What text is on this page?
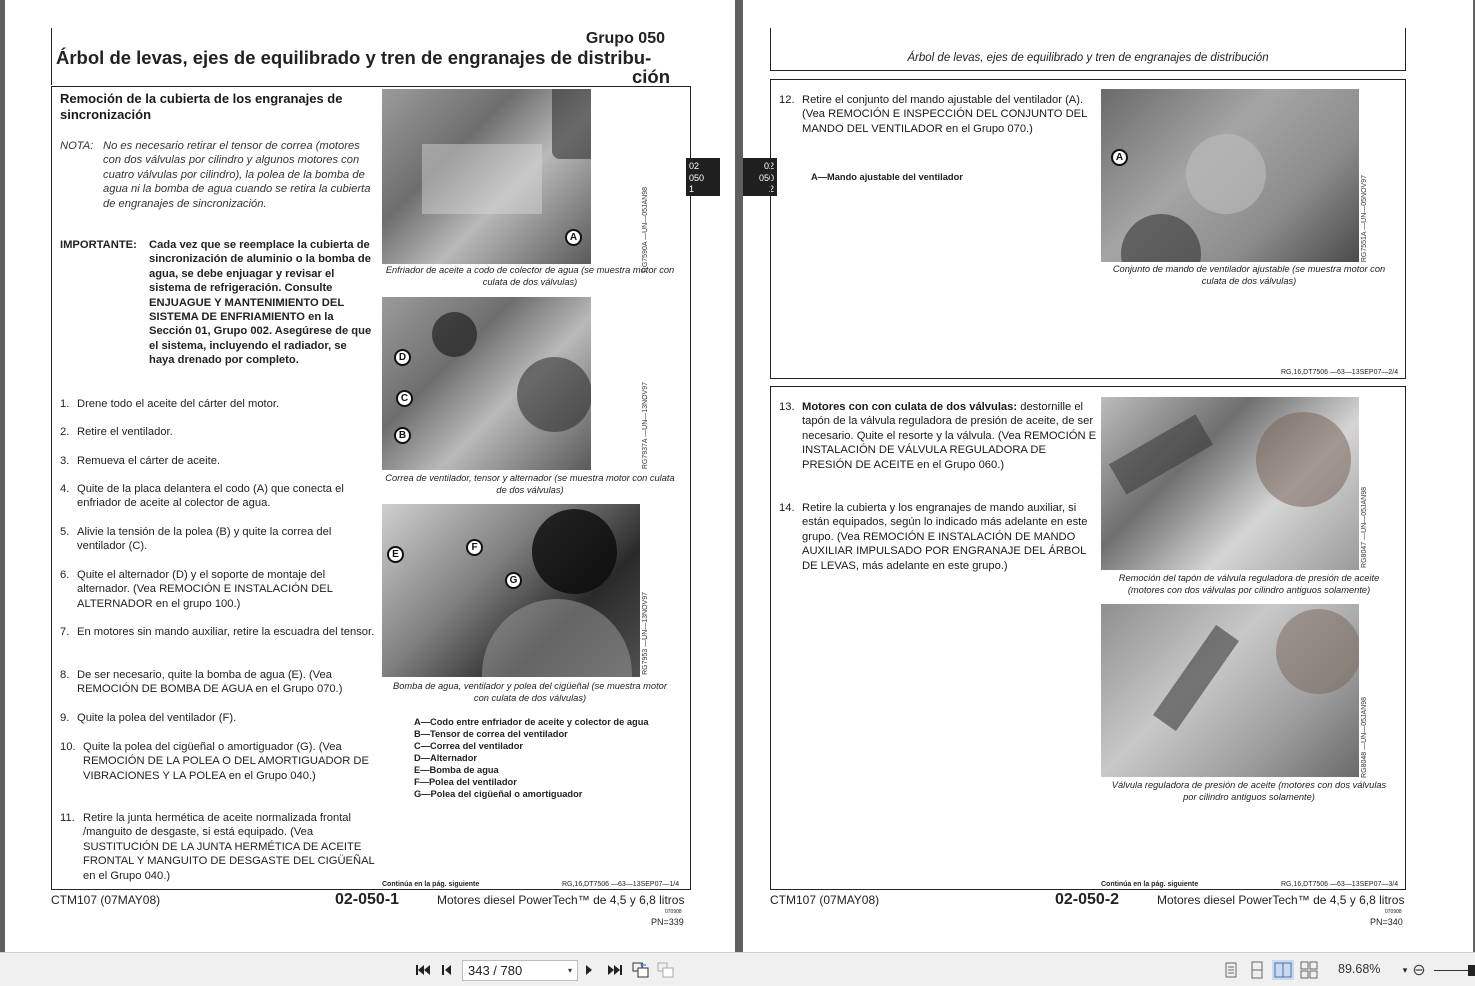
Grupo 050
Árbol de levas, ejes de equilibrado y tren de engranajes de distribu-
ción
Remoción de la cubierta de los engranajes de sincronización
NOTA: No es necesario retirar el tensor de correa (motores con dos válvulas por cilindro y algunos motores con cuatro válvulas por cilindro), la polea de la bomba de agua ni la bomba de agua cuando se retira la cubierta de engranajes de sincronización.
IMPORTANTE:	Cada vez que se reemplace la cubierta de sincronización de aluminio o la bomba de agua, se debe enjuagar y revisar el sistema de refrigeración. Consulte ENJUAGUE Y MANTENIMIENTO DEL SISTEMA DE ENFRIAMIENTO en la Sección 01, Grupo 002. Asegúrese de que el sistema, incluyendo el radiador, se haya drenado por completo.
1. Drene todo el aceite del cárter del motor.
2. Retire el ventilador.
3. Remueva el cárter de aceite.
4. Quite de la placa delantera el codo (A) que conecta el enfriador de aceite al colector de agua.
5. Alivie la tensión de la polea (B) y quite la correa del ventilador (C).
6. Quite el alternador (D) y el soporte de montaje del alternador. (Vea REMOCIÓN E INSTALACIÓN DEL ALTERNADOR en el grupo 100.)
7. En motores sin mando auxiliar, retire la escuadra del tensor.
8. De ser necesario, quite la bomba de agua (E). (Vea REMOCIÓN DE BOMBA DE AGUA en el Grupo 070.)
9. Quite la polea del ventilador (F).
10. Quite la polea del cigüeñal o amortiguador (G). (Vea REMOCIÓN DE LA POLEA O DEL AMORTIGUADOR DE VIBRACIONES Y LA POLEA en el Grupo 040.)
11. Retire la junta hermética de aceite normalizada frontal /manguito de desgaste, si está equipado. (Vea SUSTITUCIÓN DE LA JUNTA HERMÉTICA DE ACEITE FRONTAL Y MANGUITO DE DESGASTE DEL CIGÜEÑAL en el Grupo 040.)
A	RG7590A —UN—05JAN98
Enfriador de aceite a codo de colector de agua (se muestra motor con culata de dos válvulas)
D
C
B	RG7937A —UN—13NOV97
Correa de ventilador, tensor y alternador (se muestra motor con culata de dos válvulas)
E
F
G
RG7953 —UN—13NOV97
Bomba de agua, ventilador y polea del cigüeñal (se muestra motor con culata de dos válvulas)
A—Codo entre enfriador de aceite y colector de agua
B—Tensor de correa del ventilador
C—Correa del ventilador
D—Alternador
E—Bomba de agua
F—Polea del ventilador
G—Polea del cigüeñal o amortiguador
Continúa en la pág. siguiente	RG,16,DT7506 —63—13SEP07—1/4
02
050
1
CTM107 (07MAY08)	02-050-1	Motores diesel PowerTech™ de 4,5 y 6,8 litros
070908
PN=339
Árbol de levas, ejes de equilibrado y tren de engranajes de distribución
02
050
2
12. Retire el conjunto del mando ajustable del ventilador (A). (Vea REMOCIÓN E INSPECCIÓN DEL CONJUNTO DEL MANDO DEL VENTILADOR en el Grupo 070.)
A—Mando ajustable del ventilador
A
RG7551A —UN—05NOV97
Conjunto de mando de ventilador ajustable (se muestra motor con culata de dos válvulas)
RG,16,DT7506 —63—13SEP07—2/4
13. Motores con con culata de dos válvulas: destornille el tapón de la válvula reguladora de presión de aceite, de ser necesario. Quite el resorte y la válvula. (Vea REMOCIÓN E INSTALACIÓN DE VÁLVULA REGULADORA DE PRESIÓN DE ACEITE en el Grupo 060.)
14. Retire la cubierta y los engranajes de mando auxiliar, si están equipados, según lo indicado más adelante en este grupo. (Vea REMOCIÓN E INSTALACIÓN DE MANDO AUXILIAR IMPULSADO POR ENGRANAJE DEL ÁRBOL DE LEVAS, más adelante en este grupo.)	RG8047 —UN—05JAN98
Remoción del tapón de válvula reguladora de presión de aceite (motores con dos válvulas por cilindro antiguos solamente)
RG8048 —UN—05JAN98
Válvula reguladora de presión de aceite (motores con dos válvulas por cilindro antiguos solamente)
Continúa en la pág. siguiente	RG,16,DT7506 —63—13SEP07—3/4
CTM107 (07MAY08)	02-050-2	Motores diesel PowerTech™ de 4,5 y 6,8 litros
070908
PN=340
343 / 780	▾	89.68%	▾ ⊖
